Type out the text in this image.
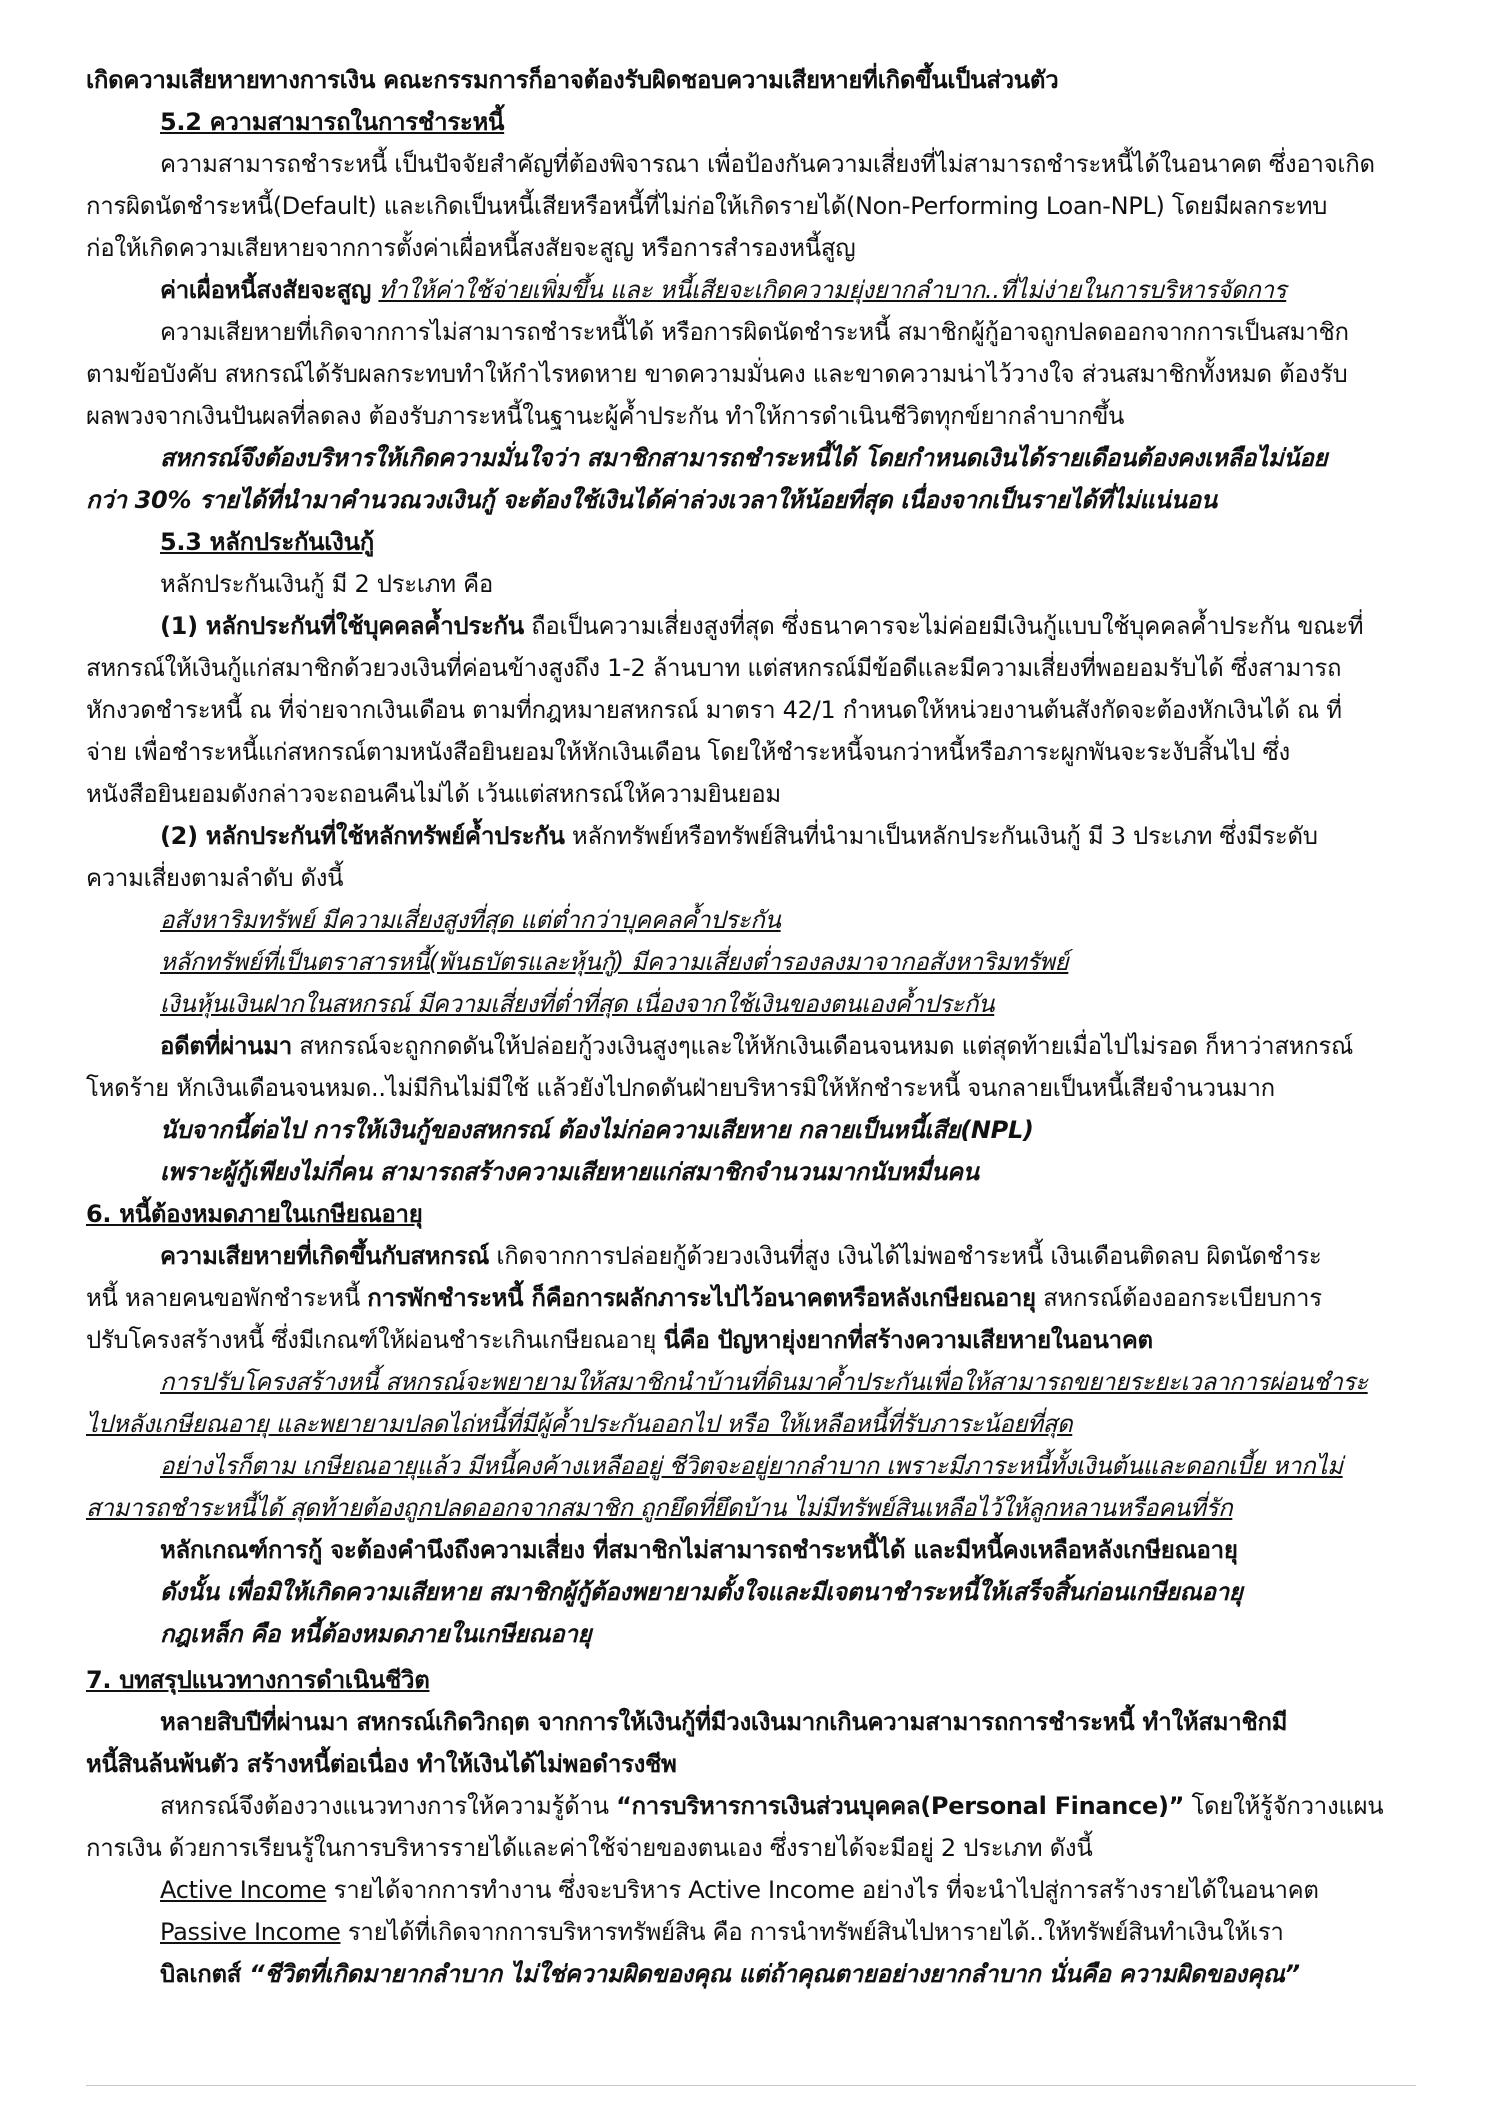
เกิดความเสียหายทางการเงิน คณะกรรมการก็อาจต้องรับผิดชอบความเสียหายที่เกิดขึ้นเป็นส่วนตัว

5.2 ความสามารถในการชำระหนี้

ความสามารถชำระหนี้ เป็นปัจจัยสำคัญที่ต้องพิจารณา เพื่อป้องกันความเสี่ยงที่ไม่สามารถชำระหนี้ได้ในอนาคต ซึ่งอาจเกิด

การผิดนัดชำระหนี้(Default) และเกิดเป็นหนี้เสียหรือหนี้ที่ไม่ก่อให้เกิดรายได้(Non-Performing Loan-NPL) โดยมีผลกระทบ

ก่อให้เกิดความเสียหายจากการตั้งค่าเผื่อหนี้สงสัยจะสูญ หรือการสำรองหนี้สูญ

ค่าเผื่อหนี้สงสัยจะสูญ ทำให้ค่าใช้จ่ายเพิ่มขึ้น และ หนี้เสียจะเกิดความยุ่งยากลำบาก..ที่ไม่ง่ายในการบริหารจัดการ

ความเสียหายที่เกิดจากการไม่สามารถชำระหนี้ได้ หรือการผิดนัดชำระหนี้ สมาชิกผู้กู้อาจถูกปลดออกจากการเป็นสมาชิก

ตามข้อบังคับ สหกรณ์ได้รับผลกระทบทำให้กำไรหดหาย ขาดความมั่นคง และขาดความน่าไว้วางใจ ส่วนสมาชิกทั้งหมด ต้องรับ

ผลพวงจากเงินปันผลที่ลดลง ต้องรับภาระหนี้ในฐานะผู้ค้ำประกัน ทำให้การดำเนินชีวิตทุกข์ยากลำบากขึ้น

สหกรณ์จึงต้องบริหารให้เกิดความมั่นใจว่า สมาชิกสามารถชำระหนี้ได้ โดยกำหนดเงินได้รายเดือนต้องคงเหลือไม่น้อย

กว่า 30% รายได้ที่นำมาคำนวณวงเงินกู้ จะต้องใช้เงินได้ค่าล่วงเวลาให้น้อยที่สุด เนื่องจากเป็นรายได้ที่ไม่แน่นอน

5.3 หลักประกันเงินกู้

หลักประกันเงินกู้ มี 2 ประเภท คือ

(1) หลักประกันที่ใช้บุคคลค้ำประกัน ถือเป็นความเสี่ยงสูงที่สุด ซึ่งธนาคารจะไม่ค่อยมีเงินกู้แบบใช้บุคคลค้ำประกัน ขณะที่

สหกรณ์ให้เงินกู้แก่สมาชิกด้วยวงเงินที่ค่อนข้างสูงถึง 1-2 ล้านบาท แต่สหกรณ์มีข้อดีและมีความเสี่ยงที่พอยอมรับได้ ซึ่งสามารถ

หักงวดชำระหนี้ ณ ที่จ่ายจากเงินเดือน ตามที่กฎหมายสหกรณ์ มาตรา 42/1 กำหนดให้หน่วยงานต้นสังกัดจะต้องหักเงินได้ ณ ที่

จ่าย เพื่อชำระหนี้แก่สหกรณ์ตามหนังสือยินยอมให้หักเงินเดือน โดยให้ชำระหนี้จนกว่าหนี้หรือภาระผูกพันจะระงับสิ้นไป ซึ่ง

หนังสือยินยอมดังกล่าวจะถอนคืนไม่ได้ เว้นแต่สหกรณ์ให้ความยินยอม

(2) หลักประกันที่ใช้หลักทรัพย์ค้ำประกัน หลักทรัพย์หรือทรัพย์สินที่นำมาเป็นหลักประกันเงินกู้ มี 3 ประเภท ซึ่งมีระดับ

ความเสี่ยงตามลำดับ ดังนี้

อสังหาริมทรัพย์ มีความเสี่ยงสูงที่สุด แต่ต่ำกว่าบุคคลค้ำประกัน

หลักทรัพย์ที่เป็นตราสารหนี้(พันธบัตรและหุ้นกู้) มีความเสี่ยงต่ำรองลงมาจากอสังหาริมทรัพย์

เงินหุ้นเงินฝากในสหกรณ์ มีความเสี่ยงที่ต่ำที่สุด เนื่องจากใช้เงินของตนเองค้ำประกัน

อดีตที่ผ่านมา สหกรณ์จะถูกกดดันให้ปล่อยกู้วงเงินสูงๆและให้หักเงินเดือนจนหมด แต่สุดท้ายเมื่อไปไม่รอด ก็หาว่าสหกรณ์

โหดร้าย หักเงินเดือนจนหมด..ไม่มีกินไม่มีใช้ แล้วยังไปกดดันฝ่ายบริหารมิให้หักชำระหนี้ จนกลายเป็นหนี้เสียจำนวนมาก

นับจากนี้ต่อไป การให้เงินกู้ของสหกรณ์ ต้องไม่ก่อความเสียหาย กลายเป็นหนี้เสีย(NPL)

เพราะผู้กู้เพียงไม่กี่คน สามารถสร้างความเสียหายแก่สมาชิกจำนวนมากนับหมื่นคน

6. หนี้ต้องหมดภายในเกษียณอายุ

ความเสียหายที่เกิดขึ้นกับสหกรณ์ เกิดจากการปล่อยกู้ด้วยวงเงินที่สูง เงินได้ไม่พอชำระหนี้ เงินเดือนติดลบ ผิดนัดชำระ

หนี้ หลายคนขอพักชำระหนี้ การพักชำระหนี้ ก็คือการผลักภาระไปไว้อนาคตหรือหลังเกษียณอายุ สหกรณ์ต้องออกระเบียบการ

ปรับโครงสร้างหนี้ ซึ่งมีเกณฑ์ให้ผ่อนชำระเกินเกษียณอายุ นี่คือ ปัญหายุ่งยากที่สร้างความเสียหายในอนาคต

การปรับโครงสร้างหนี้ สหกรณ์จะพยายามให้สมาชิกนำบ้านที่ดินมาค้ำประกันเพื่อให้สามารถขยายระยะเวลาการผ่อนชำระ

ไปหลังเกษียณอายุ และพยายามปลดไถ่หนี้ที่มีผู้ค้ำประกันออกไป หรือ ให้เหลือหนี้ที่รับภาระน้อยที่สุด

อย่างไรก็ตาม เกษียณอายุแล้ว มีหนี้คงค้างเหลืออยู่ ชีวิตจะอยู่ยากลำบาก เพราะมีภาระหนี้ทั้งเงินต้นและดอกเบี้ย หากไม่

สามารถชำระหนี้ได้ สุดท้ายต้องถูกปลดออกจากสมาชิก ถูกยึดที่ยึดบ้าน ไม่มีทรัพย์สินเหลือไว้ให้ลูกหลานหรือคนที่รัก

หลักเกณฑ์การกู้ จะต้องคำนึงถึงความเสี่ยง ที่สมาชิกไม่สามารถชำระหนี้ได้ และมีหนี้คงเหลือหลังเกษียณอายุ

ดังนั้น เพื่อมิให้เกิดความเสียหาย สมาชิกผู้กู้ต้องพยายามตั้งใจและมีเจตนาชำระหนี้ให้เสร็จสิ้นก่อนเกษียณอายุ

กฎเหล็ก คือ หนี้ต้องหมดภายในเกษียณอายุ

7. บทสรุปแนวทางการดำเนินชีวิต

หลายสิบปีที่ผ่านมา สหกรณ์เกิดวิกฤต จากการให้เงินกู้ที่มีวงเงินมากเกินความสามารถการชำระหนี้ ทำให้สมาชิกมี

หนี้สินล้นพ้นตัว สร้างหนี้ต่อเนื่อง ทำให้เงินได้ไม่พอดำรงชีพ

สหกรณ์จึงต้องวางแนวทางการให้ความรู้ด้าน “การบริหารการเงินส่วนบุคคล(Personal Finance)” โดยให้รู้จักวางแผน

การเงิน ด้วยการเรียนรู้ในการบริหารรายได้และค่าใช้จ่ายของตนเอง ซึ่งรายได้จะมีอยู่ 2 ประเภท ดังนี้

Active Income รายได้จากการทำงาน ซึ่งจะบริหาร Active Income อย่างไร ที่จะนำไปสู่การสร้างรายได้ในอนาคต

Passive Income รายได้ที่เกิดจากการบริหารทรัพย์สิน คือ การนำทรัพย์สินไปหารายได้..ให้ทรัพย์สินทำเงินให้เรา

บิลเกตส์ “ชีวิตที่เกิดมายากลำบาก ไม่ใช่ความผิดของคุณ แต่ถ้าคุณตายอย่างยากลำบาก นั่นคือ ความผิดของคุณ”
